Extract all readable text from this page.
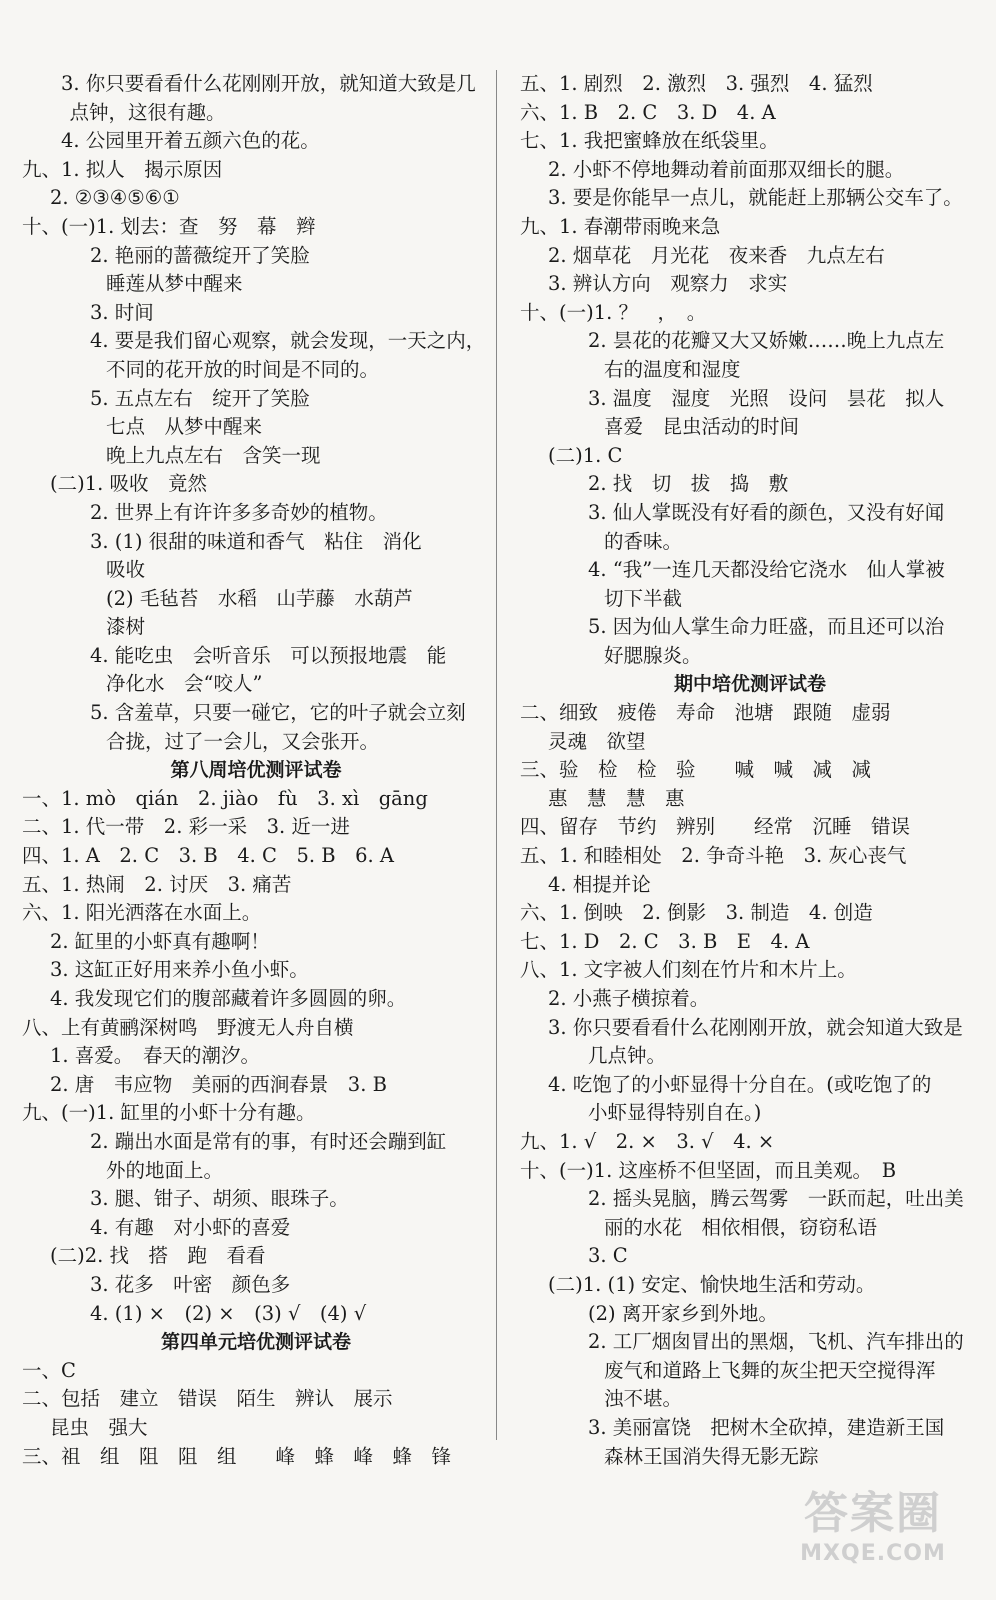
　　3. 你只要看看什么花刚刚开放，就知道大致是几
　点钟，这很有趣。
　　4. 公园里开着五颜六色的花。
九、1. 拟人　揭示原因
2. ②③④⑤⑥①
十、(一)1. 划去：查　努　幕　辫
2. 艳丽的蔷薇绽开了笑脸
睡莲从梦中醒来
3. 时间
4. 要是我们留心观察，就会发现，一天之内，
不同的花开放的时间是不同的。
5. 五点左右　绽开了笑脸
七点　从梦中醒来
晚上九点左右　含笑一现
(二)1. 吸收　竟然
2. 世界上有许许多多奇妙的植物。
3. (1) 很甜的味道和香气　粘住　消化
吸收
(2) 毛毡苔　水稻　山芋藤　水葫芦
漆树
4. 能吃虫　会听音乐　可以预报地震　能
净化水　会“咬人”
5. 含羞草，只要一碰它，它的叶子就会立刻
合拢，过了一会儿，又会张开。
第八周培优测评试卷
一、1. mò　qián　2. jiào　fù　3. xì　gāng
二、1. 代一带　2. 彩一采　3. 近一进
四、1. A　2. C　3. B　4. C　5. B　6. A
五、1. 热闹　2. 讨厌　3. 痛苦
六、1. 阳光洒落在水面上。
2. 缸里的小虾真有趣啊！
3. 这缸正好用来养小鱼小虾。
4. 我发现它们的腹部藏着许多圆圆的卵。
八、上有黄鹂深树鸣　野渡无人舟自横
1. 喜爱。　春天的潮汐。
2. 唐　韦应物　美丽的西涧春景　3. B
九、(一)1. 缸里的小虾十分有趣。
2. 蹦出水面是常有的事，有时还会蹦到缸
外的地面上。
3. 腿、钳子、胡须、眼珠子。
4. 有趣　对小虾的喜爱
(二)2. 找　搭　跑　看看
3. 花多　叶密　颜色多
4. (1) ×　(2) ×　(3) √　(4) √
第四单元培优测评试卷
一、C
二、包括　建立　错误　陌生　辨认　展示
昆虫　强大
三、祖　组　阻　阻　组　　峰　蜂　峰　蜂　锋
五、1. 剧烈　2. 激烈　3. 强烈　4. 猛烈
六、1. B　2. C　3. D　4. A
七、1. 我把蜜蜂放在纸袋里。
2. 小虾不停地舞动着前面那双细长的腿。
3. 要是你能早一点儿，就能赶上那辆公交车了。
九、1. 春潮带雨晚来急
2. 烟草花　月光花　夜来香　九点左右
3. 辨认方向　观察力　求实
十、(一)1. ？　，　。
2. 昙花的花瓣又大又娇嫩……晚上九点左
右的温度和湿度
3. 温度　湿度　光照　设问　昙花　拟人
喜爱　昆虫活动的时间
(二)1. C
2. 找　切　拔　捣　敷
3. 仙人掌既没有好看的颜色，又没有好闻
的香味。
4. “我”一连几天都没给它浇水　仙人掌被
切下半截
5. 因为仙人掌生命力旺盛，而且还可以治
好腮腺炎。
期中培优测评试卷
二、细致　疲倦　寿命　池塘　跟随　虚弱
灵魂　欲望
三、验　检　检　验　　喊　喊　减　减
惠　慧　慧　惠
四、留存　节约　辨别　　经常　沉睡　错误
五、1. 和睦相处　2. 争奇斗艳　3. 灰心丧气
4. 相提并论
六、1. 倒映　2. 倒影　3. 制造　4. 创造
七、1. D　2. C　3. B　E　4. A
八、1. 文字被人们刻在竹片和木片上。
2. 小燕子横掠着。
3. 你只要看看什么花刚刚开放，就会知道大致是
几点钟。
4. 吃饱了的小虾显得十分自在。(或吃饱了的
小虾显得特别自在。)
九、1. √　2. ×　3. √　4. ×
十、(一)1. 这座桥不但坚固，而且美观。　B
2. 摇头晃脑，腾云驾雾　一跃而起，吐出美
丽的水花　相依相偎，窃窃私语
3. C
(二)1. (1) 安定、愉快地生活和劳动。
(2) 离开家乡到外地。
2. 工厂烟囱冒出的黑烟，飞机、汽车排出的
废气和道路上飞舞的灰尘把天空搅得浑
浊不堪。
3. 美丽富饶　把树木全砍掉，建造新王国
森林王国消失得无影无踪
答案圈
MXQE.COM
